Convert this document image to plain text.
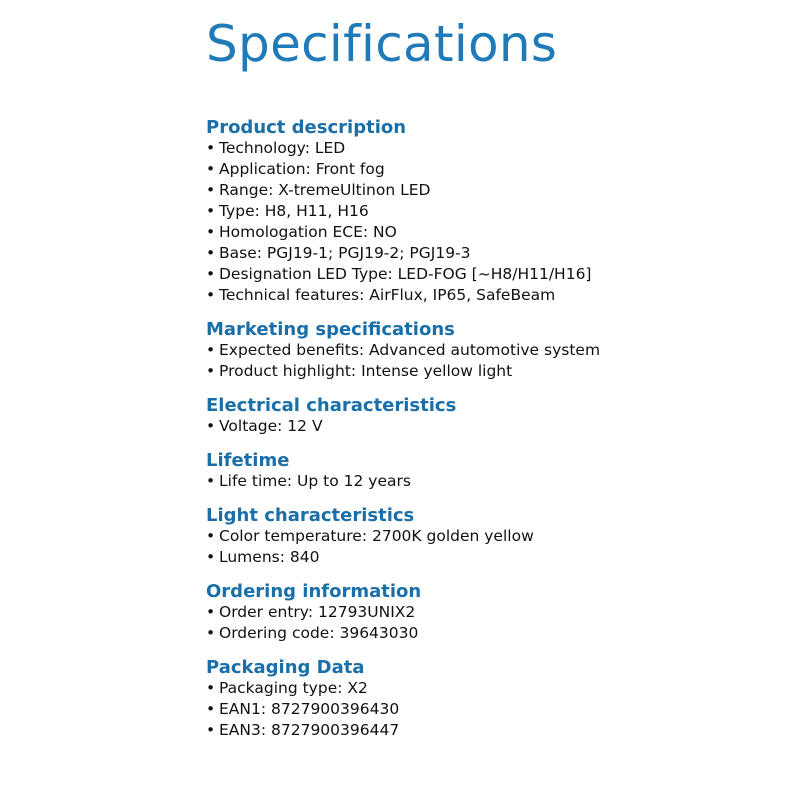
Specifications
Product description
• Technology: LED
• Application: Front fog
• Range: X-tremeUltinon LED
• Type: H8, H11, H16
• Homologation ECE: NO
• Base: PGJ19-1; PGJ19-2; PGJ19-3
• Designation LED Type: LED-FOG [~H8/H11/H16]
• Technical features: AirFlux, IP65, SafeBeam
Marketing specifications
• Expected benefits: Advanced automotive system
• Product highlight: Intense yellow light
Electrical characteristics
• Voltage: 12 V
Lifetime
• Life time: Up to 12 years
Light characteristics
• Color temperature: 2700K golden yellow
• Lumens: 840
Ordering information
• Order entry: 12793UNIX2
• Ordering code: 39643030
Packaging Data
• Packaging type: X2
• EAN1: 8727900396430
• EAN3: 8727900396447
